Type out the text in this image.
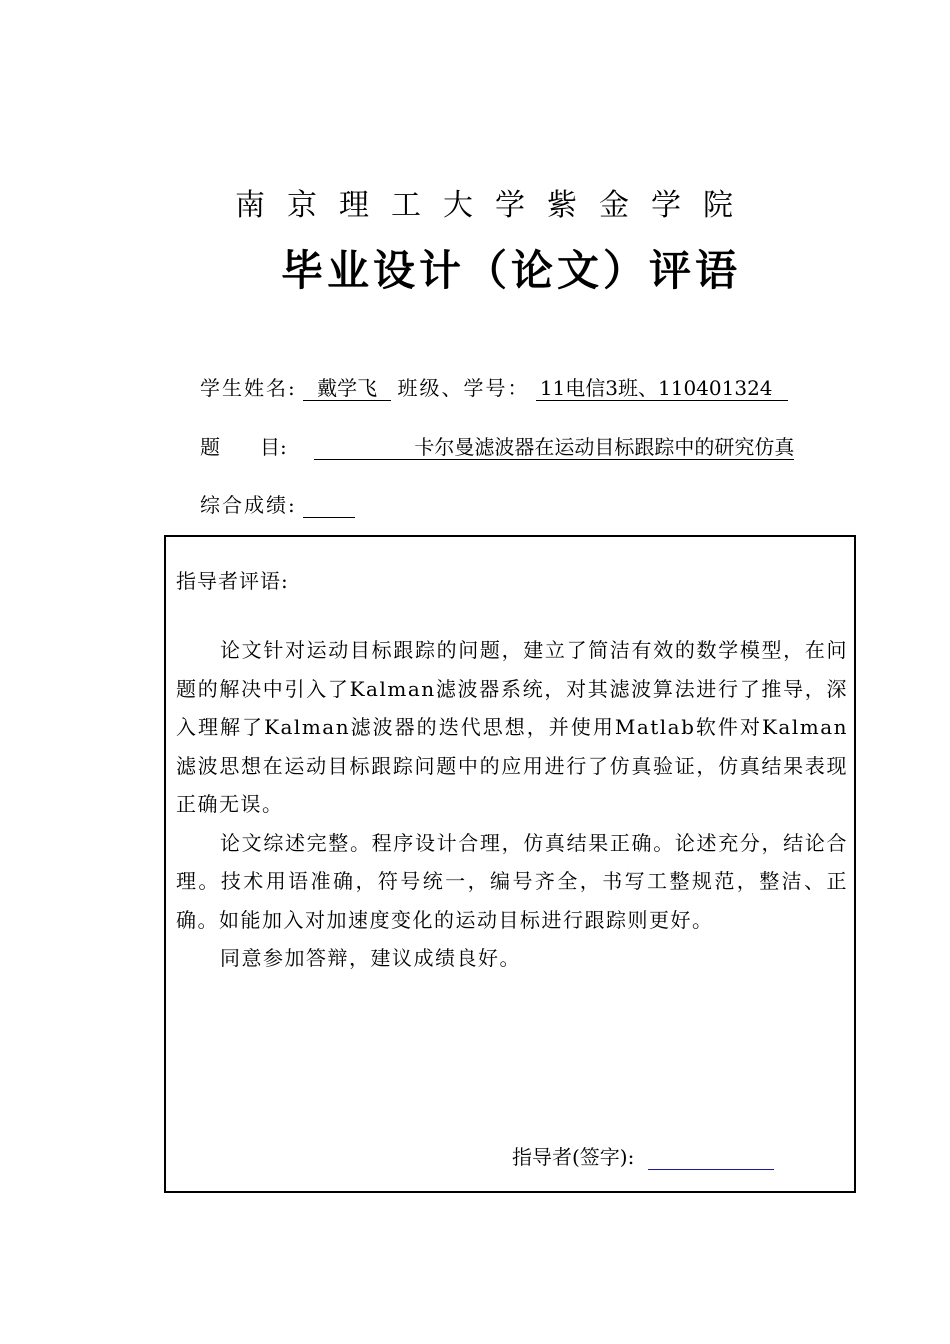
南京理工大学紫金学院
毕业设计（论文）评语
学生姓名: 戴学飞 班级、学号： 11电信3班、110401324
题　　目:	卡尔曼滤波器在运动目标跟踪中的研究仿真
综合成绩:
指导者评语:

论文针对运动目标跟踪的问题，建立了简洁有效的数学模型，在问题的解决中引入了Kalman滤波器系统，对其滤波算法进行了推导，深入理解了Kalman滤波器的迭代思想，并使用Matlab软件对Kalman滤波思想在运动目标跟踪问题中的应用进行了仿真验证，仿真结果表现正确无误。

论文综述完整。程序设计合理，仿真结果正确。论述充分，结论合理。技术用语准确，符号统一，编号齐全，书写工整规范，整洁、正确。如能加入对加速度变化的运动目标进行跟踪则更好。

同意参加答辩，建议成绩良好。

指导者(签字):
